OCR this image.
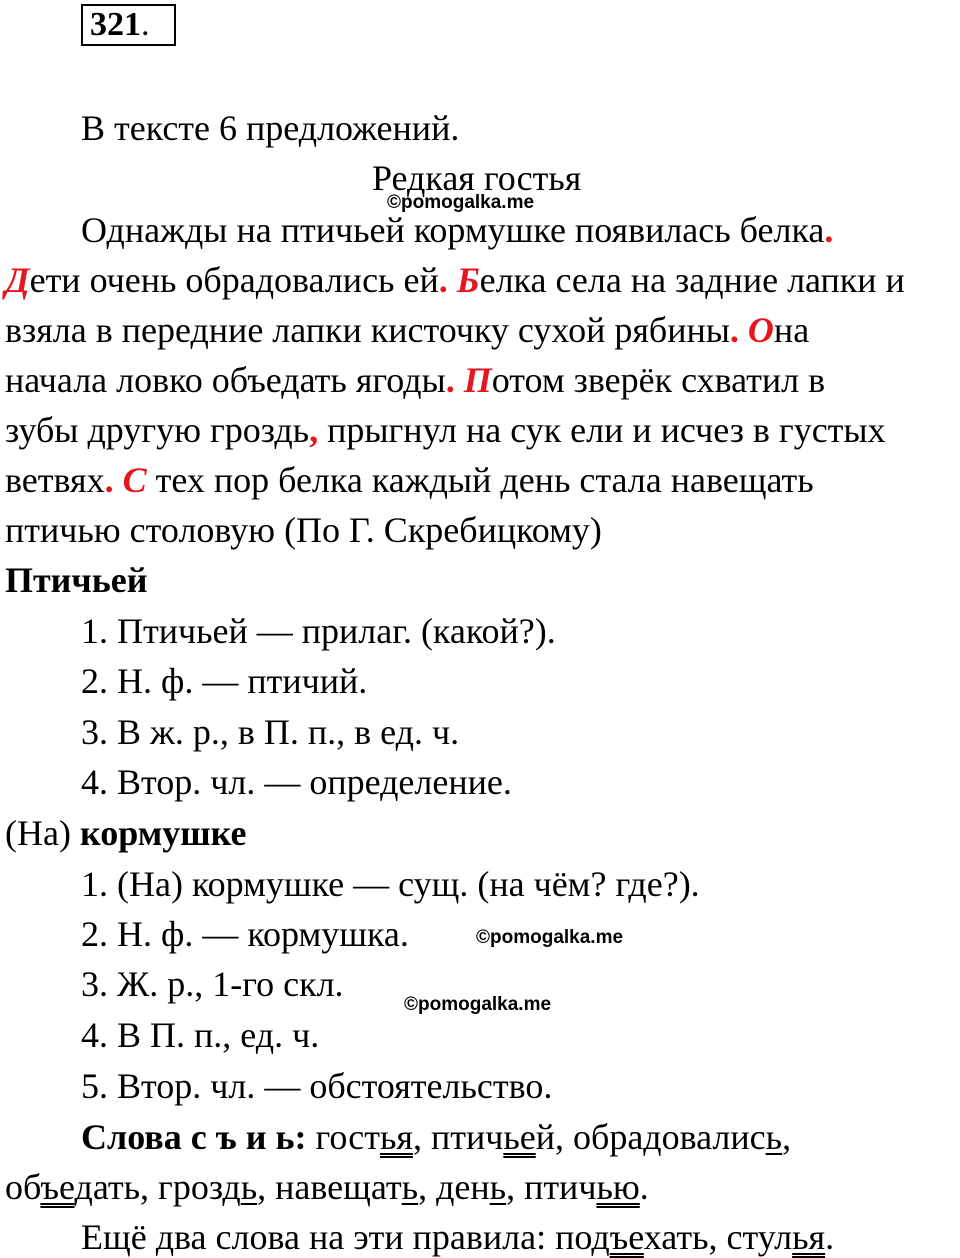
321.
В тексте 6 предложений.
Редкая гостья
©pomogalka.me
Однажды на птичьей кормушке появилась белка.
Дети очень обрадовались ей. Белка села на задние лапки и
взяла в передние лапки кисточку сухой рябины. Она
начала ловко объедать ягоды. Потом зверёк схватил в
зубы другую гроздь, прыгнул на сук ели и исчез в густых
ветвях. С тех пор белка каждый день стала навещать
птичью столовую (По Г. Скребицкому)
Птичьей
1. Птичьей — прилаг. (какой?).
2. Н. ф. — птичий.
3. В ж. р., в П. п., в ед. ч.
4. Втор. чл. — определение.
(На) кормушке
1. (На) кормушке — сущ. (на чём? где?).
2. Н. ф. — кормушка.	©pomogalka.me
3. Ж. р., 1-го скл.
©pomogalka.me
4. В П. п., ед. ч.
5. Втор. чл. — обстоятельство.
Слова с ъ и ь: гостья, птичьей, обрадовались,
объедать, гроздь, навещать, день, птичью.
Ещё два слова на эти правила: подъехать, стулья.
